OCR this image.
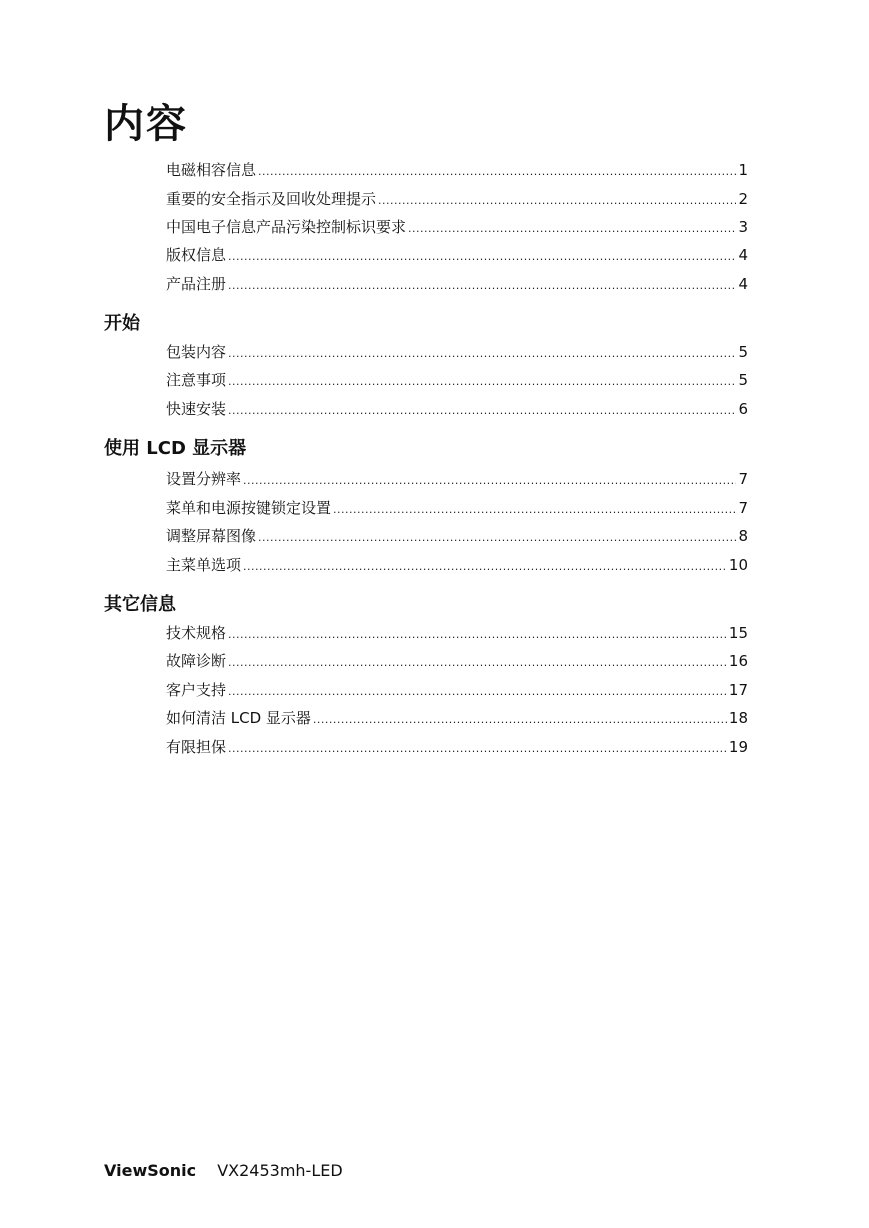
内容
电磁相容信息 .....	1
重要的安全指示及回收处理提示 .....	2
中国电子信息产品污染控制标识要求 .....	3
版权信息 .....	4
产品注册 .....	4
开始
包装内容 .....	5
注意事项 .....	5
快速安装 .....	6
使用 LCD 显示器
设置分辨率 .....	7
菜单和电源按键锁定设置 .....	7
调整屏幕图像 .....	8
主菜单选项 .....	10
其它信息
技术规格 .....	15
故障诊断 .....	16
客户支持 .....	17
如何清洁 LCD 显示器 .....	18
有限担保 .....	19
ViewSonic VX2453mh-LED
